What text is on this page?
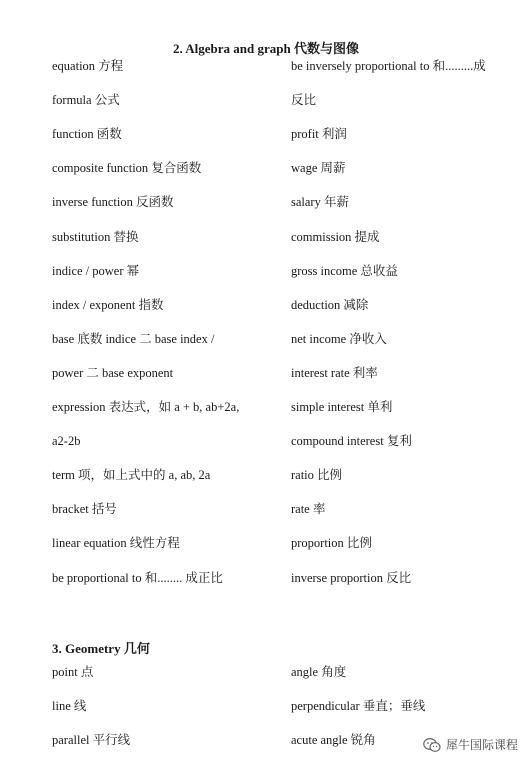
2. Algebra and graph 代数与图像
equation 方程
formula 公式
function 函数
composite function 复合函数
inverse function 反函数
substitution 替换
indice / power 幂
index / exponent 指数
base 底数 indice 二 base index /
power 二 base exponent
expression 表达式，如 a + b, ab+2a,
a2-2b
term 项，如上式中的 a, ab, 2a
bracket 括号
linear equation 线性方程
be proportional to 和........ 成正比
be inversely proportional to 和.........成
反比
profit 利润
wage 周薪
salary 年薪
commission 提成
gross income 总收益
deduction 减除
net income 净收入
interest rate 利率
simple interest 单利
compound interest 复利
ratio 比例
rate 率
proportion 比例
inverse proportion 反比
3. Geometry 几何
point 点
line 线
parallel 平行线
angle 角度
perpendicular 垂直；垂线
acute angle 锐角	犀牛国际课程
